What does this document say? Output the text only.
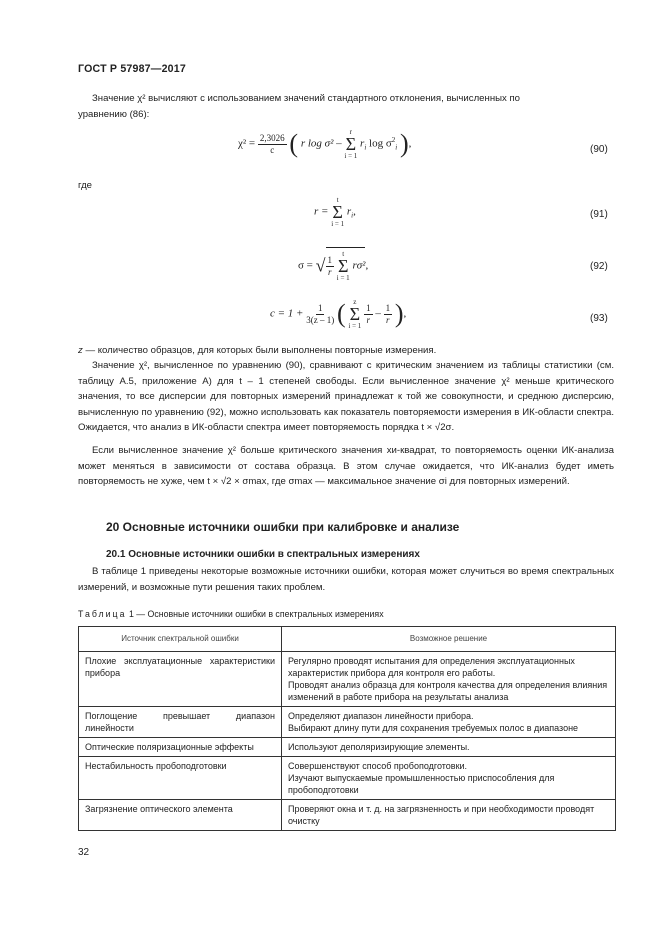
ГОСТ Р 57987—2017
Значение χ² вычисляют с использованием значений стандартного отклонения, вычисленных по
уравнению (86):
$\chi^2 = \frac{2,3026}{c}$ ( r log σ² –
r
Σ
i = 1
$r_i$ $\log \sigma^2_i$ ),	(90)
где
r =
t
Σ
i = 1
$r_i$,	(91)
σ = √ $\frac{1}{r}$

t
Σ
i = 1
rσ²,	(92)
$c = 1 + \frac{1}{3(z - 1)}$ ( z
Σ
i = 1

$\frac{1}{r} - \frac{1}{r}$ ),	(93)
z — количество образцов, для которых были выполнены повторные измерения.
Значение χ², вычисленное по уравнению (90), сравнивают с критическим значением из таблицы статистики (см. таблицу А.5, приложение А) для t – 1 степеней свободы. Если вычисленное значение χ² меньше критического значения, то все дисперсии для повторных измерений принадлежат к той же совокупности, и среднюю дисперсию, вычисленную по уравнению (92), можно использовать как показатель повторяемости измерения в ИК-области спектра. Ожидается, что анализ в ИК-области спектра имеет повторяемость порядка t × √2σ.
Если вычисленное значение χ² больше критического значения хи-квадрат, то повторяемость оценки ИК-анализа может меняться в зависимости от состава образца. В этом случае ожидается, что ИК-анализ будет иметь повторяемость не хуже, чем t × √2 × σmax, где σmax — максимальное значение σi для повторных измерений.
20 Основные источники ошибки при калибровке и анализе
20.1 Основные источники ошибки в спектральных измерениях
В таблице 1 приведены некоторые возможные источники ошибки, которая может случиться во время спектральных измерений, и возможные пути решения таких проблем.
Таблица 1 — Основные источники ошибки в спектральных измерениях
Источник спектральной ошибки	Возможное решение
Плохие эксплуатационные характеристики прибора	Регулярно проводят испытания для определения эксплуатационных характеристик прибора для контроля его работы.
Проводят анализ образца для контроля качества для определения влияния изменений в работе прибора на результаты анализа
Поглощение превышает диапазон линейности	Определяют диапазон линейности прибора.
Выбирают длину пути для сохранения требуемых полос в диапазоне
Оптические поляризационные эффекты	Используют деполяризирующие элементы.
Нестабильность пробоподготовки	Совершенствуют способ пробоподготовки.
Изучают выпускаемые промышленностью приспособления для пробоподготовки
Загрязнение оптического элемента	Проверяют окна и т. д. на загрязненность и при необходимости проводят очистку
32
